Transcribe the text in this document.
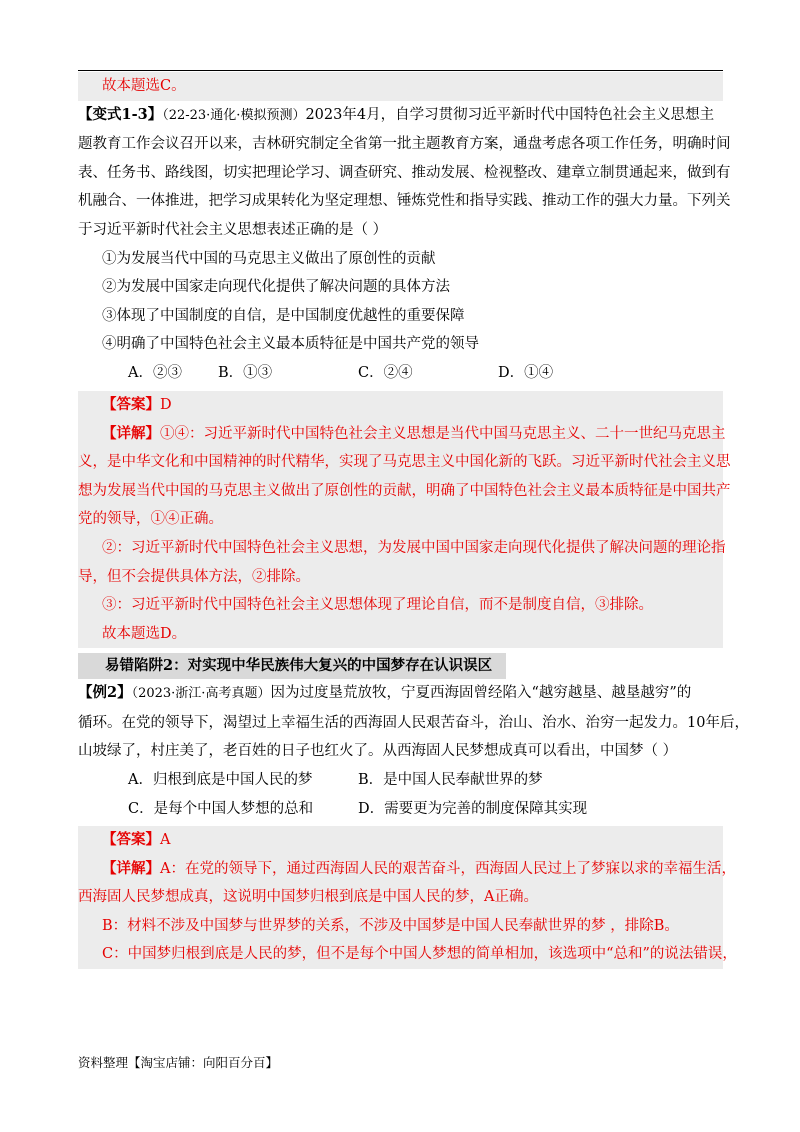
故本题选C。
【变式1-3】（22-23·通化·模拟预测）2023年4月，自学习贯彻习近平新时代中国特色社会主义思想主
题教育工作会议召开以来，吉林研究制定全省第一批主题教育方案，通盘考虑各项工作任务，明确时间
表、任务书、路线图，切实把理论学习、调查研究、推动发展、检视整改、建章立制贯通起来，做到有
机融合、一体推进，把学习成果转化为坚定理想、锤炼党性和指导实践、推动工作的强大力量。下列关
于习近平新时代社会主义思想表述正确的是（ ）
①为发展当代中国的马克思主义做出了原创性的贡献
②为发展中国家走向现代化提供了解决问题的具体方法
③体现了中国制度的自信，是中国制度优越性的重要保障
④明确了中国特色社会主义最本质特征是中国共产党的领导
A．②③	B．①③	C．②④	D．①④
【答案】D
【详解】①④：习近平新时代中国特色社会主义思想是当代中国马克思主义、二十一世纪马克思主
义，是中华文化和中国精神的时代精华，实现了马克思主义中国化新的飞跃。习近平新时代社会主义思
想为发展当代中国的马克思主义做出了原创性的贡献，明确了中国特色社会主义最本质特征是中国共产
党的领导，①④正确。
②：习近平新时代中国特色社会主义思想，为发展中国中国家走向现代化提供了解决问题的理论指
导，但不会提供具体方法，②排除。
③：习近平新时代中国特色社会主义思想体现了理论自信，而不是制度自信，③排除。
故本题选D。
易错陷阱2：对实现中华民族伟大复兴的中国梦存在认识误区
【例2】（2023·浙江·高考真题）因为过度垦荒放牧，宁夏西海固曾经陷入“越穷越垦、越垦越穷”的
循环。在党的领导下，渴望过上幸福生活的西海固人民艰苦奋斗，治山、治水、治穷一起发力。10年后，
山坡绿了，村庄美了，老百姓的日子也红火了。从西海固人民梦想成真可以看出，中国梦（ ）
A．归根到底是中国人民的梦	B．是中国人民奉献世界的梦
C．是每个中国人梦想的总和	D．需要更为完善的制度保障其实现
【答案】A
【详解】A：在党的领导下，通过西海固人民的艰苦奋斗，西海固人民过上了梦寐以求的幸福生活，
西海固人民梦想成真，这说明中国梦归根到底是中国人民的梦，A正确。
B：材料不涉及中国梦与世界梦的关系，不涉及中国梦是中国人民奉献世界的梦 ，排除B。
C：中国梦归根到底是人民的梦，但不是每个中国人梦想的简单相加，该选项中“总和”的说法错误，
资料整理【淘宝店铺：向阳百分百】
